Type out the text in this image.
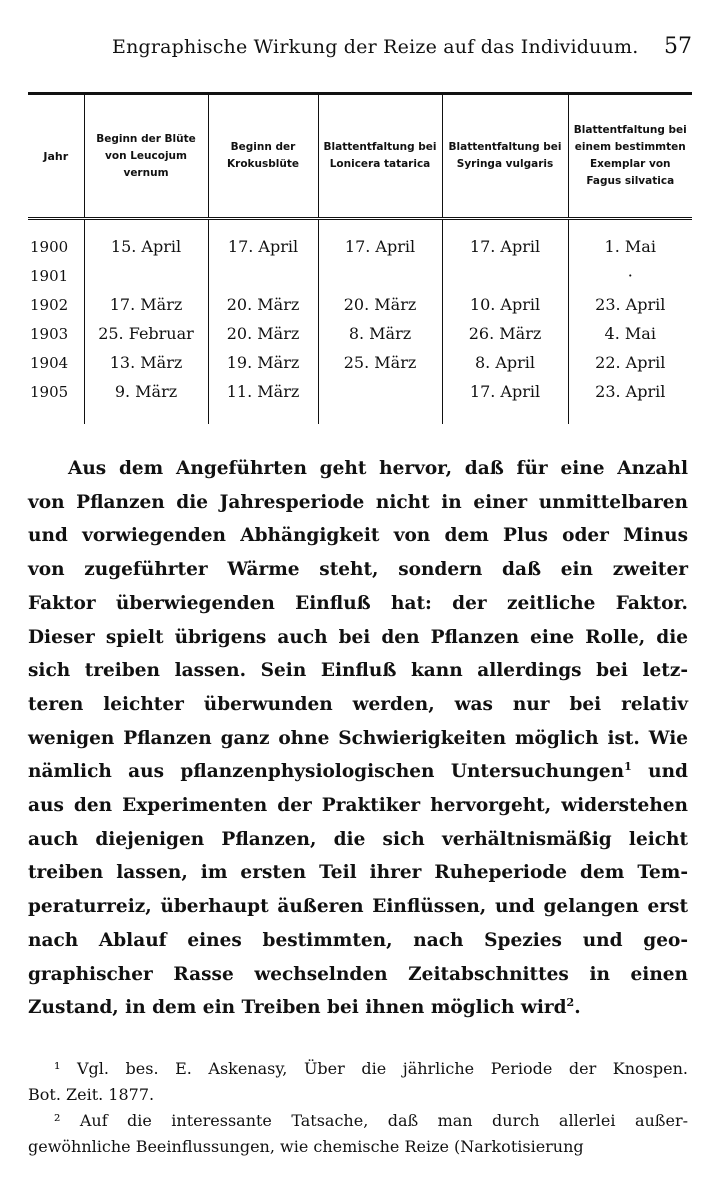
Engraphische Wirkung der Reize auf das Individuum. 57
Jahr	Beginn der Blüte von Leucojum vernum	Beginn der Krokusblüte	Blattentfaltung bei Lonicera tatarica	Blattentfaltung bei Syringa vulgaris	Blattentfaltung bei einem bestimmten Exemplar von Fagus silvatica
1900	15. April	17. April	17. April	17. April	1. Mai
1901					·
1902	17. März	20. März	20. März	10. April	23. April
1903	25. Februar	20. März	8. März	26. März	4. Mai
1904	13. März	19. März	25. März	8. April	22. April
1905	9. März	11. März		17. April	23. April
Aus dem Angeführten geht hervor, daß für eine Anzahl
von Pflanzen die Jahresperiode nicht in einer unmittelbaren
und vorwiegenden Abhängigkeit von dem Plus oder Minus
von zugeführter Wärme steht, sondern daß ein zweiter
Faktor überwiegenden Einfluß hat: der zeitliche Faktor.
Dieser spielt übrigens auch bei den Pflanzen eine Rolle, die
sich treiben lassen. Sein Einfluß kann allerdings bei letz-
teren leichter überwunden werden, was nur bei relativ
wenigen Pflanzen ganz ohne Schwierigkeiten möglich ist. Wie
nämlich aus pflanzenphysiologischen Untersuchungen$^1$ und
aus den Experimenten der Praktiker hervorgeht, widerstehen
auch diejenigen Pflanzen, die sich verhältnismäßig leicht
treiben lassen, im ersten Teil ihrer Ruheperiode dem Tem-
peraturreiz, überhaupt äußeren Einflüssen, und gelangen erst
nach Ablauf eines bestimmten, nach Spezies und geo-
graphischer Rasse wechselnden Zeitabschnittes in einen
Zustand, in dem ein Treiben bei ihnen möglich wird$^2$.
¹ Vgl. bes. E. Askenasy, Über die jährliche Periode der Knospen.
Bot. Zeit. 1877.
² Auf die interessante Tatsache, daß man durch allerlei außer-
gewöhnliche Beeinflussungen, wie chemische Reize (Narkotisierung
